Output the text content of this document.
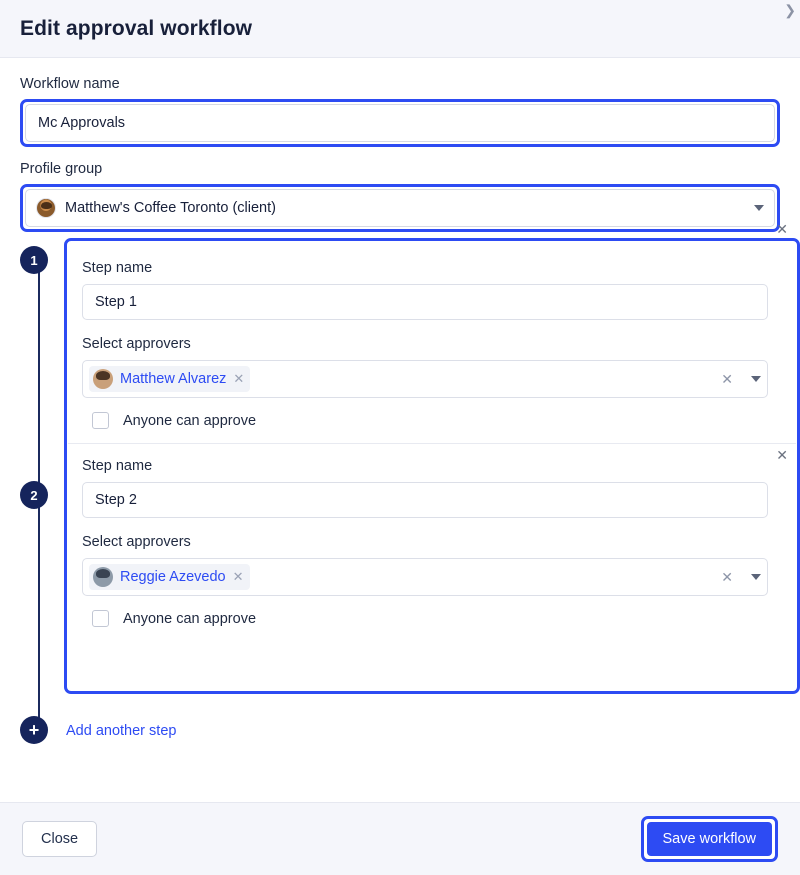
Edit approval workflow
❯
Workflow name
Mc Approvals
Profile group
Matthew's Coffee Toronto (client)
1
2
+
✕
Step name
Step 1
Select approvers
Matthew Alvarez ✕	✕
Anyone can approve
✕
Step name
Step 2
Select approvers
Reggie Azevedo ✕	✕
Anyone can approve
Add another step
Close	Save workflow
